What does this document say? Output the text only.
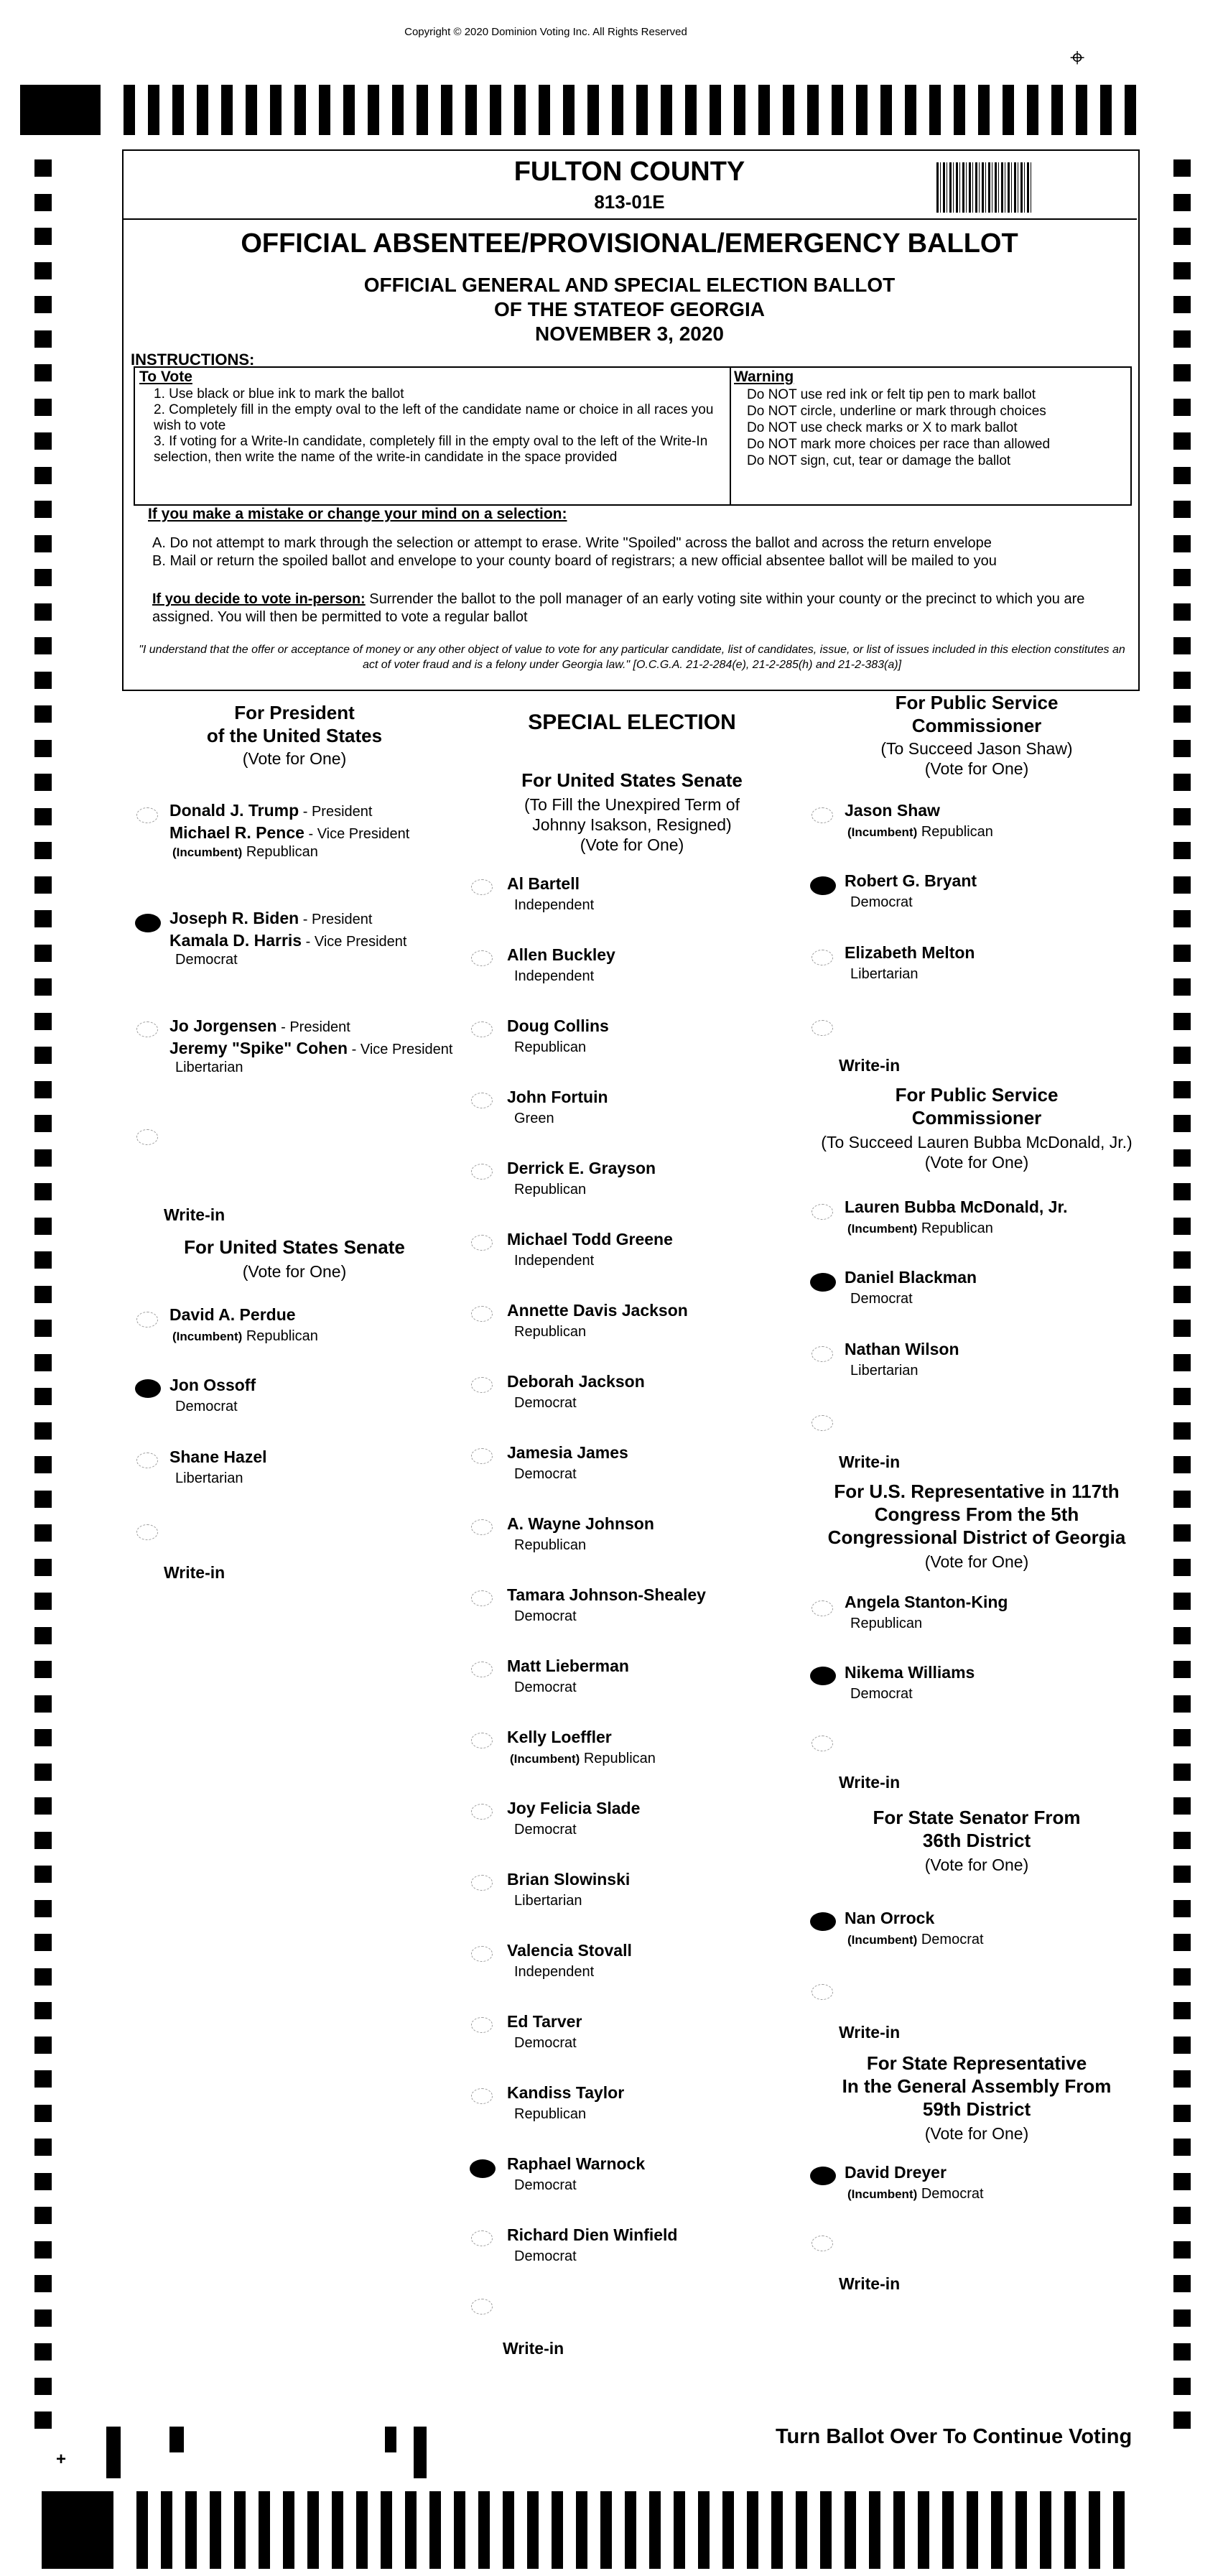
Copyright © 2020 Dominion Voting Inc. All Rights Reserved
⌖
FULTON COUNTY
813-01E
OFFICIAL ABSENTEE/PROVISIONAL/EMERGENCY BALLOT
OFFICIAL GENERAL AND SPECIAL ELECTION BALLOT
OF THE STATEOF GEORGIA
NOVEMBER 3, 2020
INSTRUCTIONS:
To Vote

1. Use black or blue ink to mark the ballot

2. Completely fill in the empty oval to the left of the candidate name or choice in all races you wish to vote

3. If voting for a Write-In candidate, completely fill in the empty oval to the left of the Write-In selection, then write the name of the write-in candidate in the space provided

Warning

Do NOT use red ink or felt tip pen to mark ballot

Do NOT circle, underline or mark through choices

Do NOT use check marks or X to mark ballot

Do NOT mark more choices per race than allowed

Do NOT sign, cut, tear or damage the ballot

If you make a mistake or change your mind on a selection:

A. Do not attempt to mark through the selection or attempt to erase. Write "Spoiled" across the ballot and across the return envelope

B. Mail or return the spoiled ballot and envelope to your county board of registrars; a new official absentee ballot will be mailed to you

If you decide to vote in-person: Surrender the ballot to the poll manager of an early voting site within your county or the precinct to which you are assigned. You will then be permitted to vote a regular ballot
"I understand that the offer or acceptance of money or any other object of value to vote for any particular candidate, list of candidates, issue, or list of issues included in this election constitutes an act of voter fraud and is a felony under Georgia law." [O.C.G.A. 21-2-284(e), 21-2-285(h) and 21-2-383(a)]
For President
of the United States
(Vote for One)
Donald J. Trump - President
Michael R. Pence - Vice President
(Incumbent) Republican
Joseph R. Biden - President
Kamala D. Harris - Vice President
Democrat
Jo Jorgensen - President
Jeremy "Spike" Cohen - Vice President
Libertarian
Write-in
For United States Senate
(Vote for One)
David A. Perdue
(Incumbent) Republican
Jon Ossoff
Democrat
Shane Hazel
Libertarian
Write-in
SPECIAL ELECTION
For United States Senate
(To Fill the Unexpired Term of
Johnny Isakson, Resigned)
(Vote for One)
Al Bartell
Independent
Allen Buckley
Independent
Doug Collins
Republican
John Fortuin
Green
Derrick E. Grayson
Republican
Michael Todd Greene
Independent
Annette Davis Jackson
Republican
Deborah Jackson
Democrat
Jamesia James
Democrat
A. Wayne Johnson
Republican
Tamara Johnson-Shealey
Democrat
Matt Lieberman
Democrat
Kelly Loeffler
(Incumbent) Republican
Joy Felicia Slade
Democrat
Brian Slowinski
Libertarian
Valencia Stovall
Independent
Ed Tarver
Democrat
Kandiss Taylor
Republican
Raphael Warnock
Democrat
Richard Dien Winfield
Democrat
Write-in
For Public Service
Commissioner
(To Succeed Jason Shaw)
(Vote for One)
Jason Shaw
(Incumbent) Republican
Robert G. Bryant
Democrat
Elizabeth Melton
Libertarian
Write-in
For Public Service
Commissioner
(To Succeed Lauren Bubba McDonald, Jr.)
(Vote for One)
Lauren Bubba McDonald, Jr.
(Incumbent) Republican
Daniel Blackman
Democrat
Nathan Wilson
Libertarian
Write-in
For U.S. Representative in 117th
Congress From the 5th
Congressional District of Georgia
(Vote for One)
Angela Stanton-King
Republican
Nikema Williams
Democrat
Write-in
For State Senator From
36th District
(Vote for One)
Nan Orrock
(Incumbent) Democrat
Write-in
For State Representative
In the General Assembly From
59th District
(Vote for One)
David Dreyer
(Incumbent) Democrat
Write-in
+
Turn Ballot Over To Continue Voting
